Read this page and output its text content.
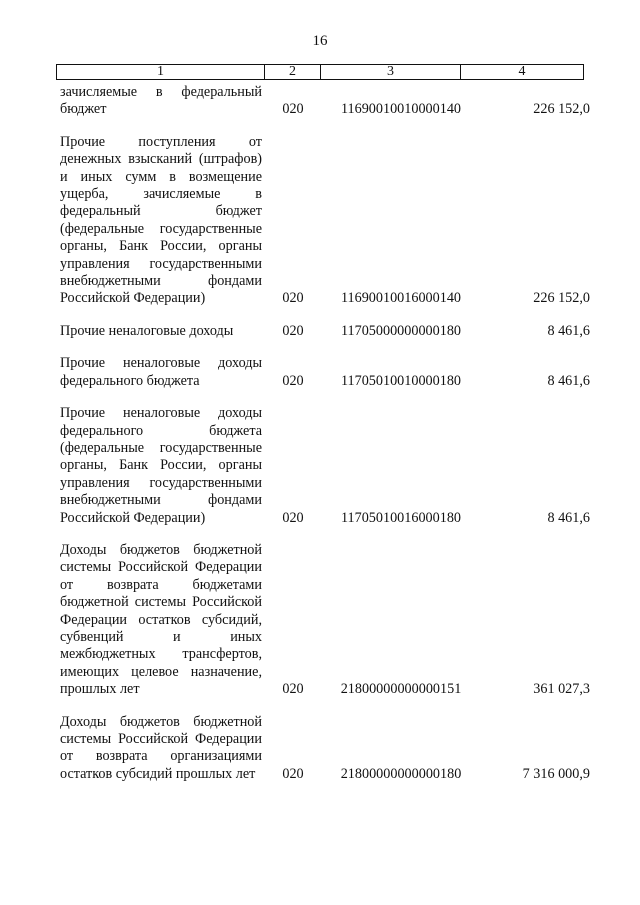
16
1	2	3	4
зачисляемые в федеральный бюджет	020	11690010010000140	226 152,0
Прочие поступления от денежных взысканий (штрафов) и иных сумм в возмещение ущерба, зачисляемые в федеральный бюджет (федеральные государственные органы, Банк России, органы управления государственными внебюджетными фондами Российской Федерации)	020	11690010016000140	226 152,0
Прочие неналоговые доходы	020	11705000000000180	8 461,6
Прочие неналоговые доходы федерального бюджета	020	11705010010000180	8 461,6
Прочие неналоговые доходы федерального бюджета (федеральные государственные органы, Банк России, органы управления государственными внебюджетными фондами Российской Федерации)	020	11705010016000180	8 461,6
Доходы бюджетов бюджетной системы Российской Федерации от возврата бюджетами бюджетной системы Российской Федерации остатков субсидий, субвенций и иных межбюджетных трансфертов, имеющих целевое назначение, прошлых лет	020	21800000000000151	361 027,3
Доходы бюджетов бюджетной системы Российской Федерации от возврата организациями остатков субсидий прошлых лет	020	21800000000000180	7 316 000,9
